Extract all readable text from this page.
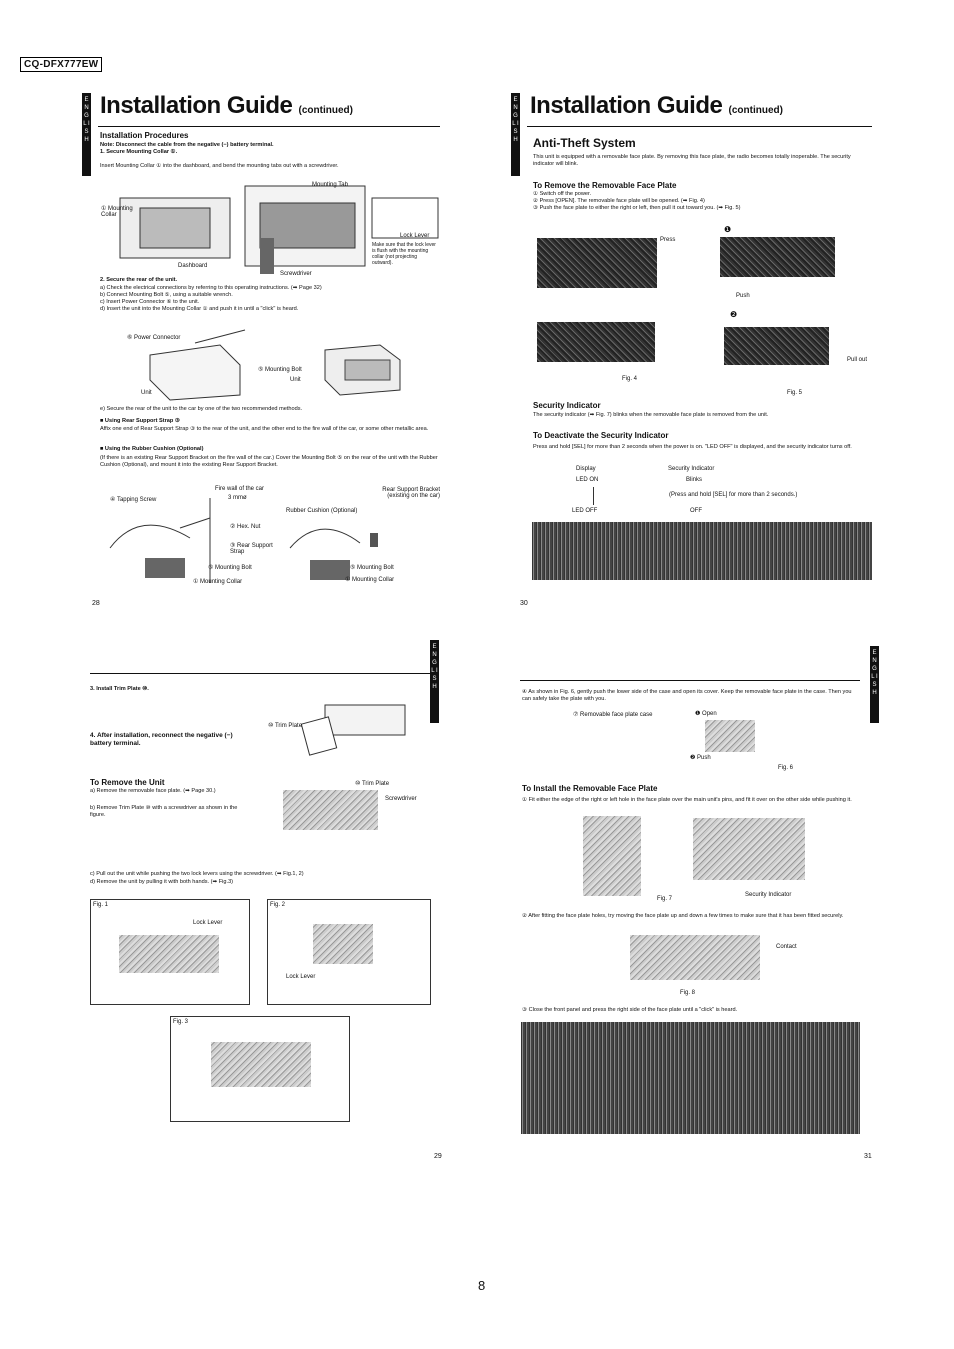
CQ-DFX777EW
E N G L I S H
Installation Guide (continued)
Installation Procedures
Note: Disconnect the cable from the negative (−) battery terminal.
1. Secure Mounting Collar ①.
Insert Mounting Collar ① into the dashboard, and bend the mounting tabs out with a screwdriver.
① Mounting Collar
Mounting Tab
Dashboard
Screwdriver
Lock Lever
Make sure that the lock lever is flush with the mounting collar (not projecting outward).
2. Secure the rear of the unit.
a) Check the electrical connections by referring to this operating instructions. (➡ Page 32)
b) Connect Mounting Bolt ⑤, using a suitable wrench.
c) Insert Power Connector ⑥ to the unit.
d) Insert the unit into the Mounting Collar ① and push it in until a "click" is heard.
⑥ Power Connector
⑤ Mounting Bolt
Unit
Unit
e) Secure the rear of the unit to the car by one of the two recommended methods.
■ Using Rear Support Strap ③
Affix one end of Rear Support Strap ③ to the rear of the unit, and the other end to the fire wall of the car, or some other metallic area.
■ Using the Rubber Cushion (Optional)
(If there is an existing Rear Support Bracket on the fire wall of the car.) Cover the Mounting Bolt ⑤ on the rear of the unit with the Rubber Cushion (Optional), and mount it into the existing Rear Support Bracket.
Fire wall of the car
3 mmø
④ Tapping Screw
② Hex. Nut
③ Rear Support Strap
⑤ Mounting Bolt
① Mounting Collar
Rubber Cushion (Optional)
Rear Support Bracket (existing on the car)
⑤ Mounting Bolt
① Mounting Collar
28
E N G L I S H
Installation Guide (continued)
Anti-Theft System
This unit is equipped with a removable face plate. By removing this face plate, the radio becomes totally inoperable. The security indicator will blink.
To Remove the Removable Face Plate
① Switch off the power.
② Press [OPEN]. The removable face plate will be opened. (➡ Fig. 4)
③ Push the face plate to either the right or left, then pull it out toward you. (➡ Fig. 5)
Press
Push
Pull out
Fig. 4
Fig. 5
❶
❷
Security Indicator
The security indicator (➡ Fig. 7) blinks when the removable face plate is removed from the unit.
To Deactivate the Security Indicator
Press and hold [SEL] for more than 2 seconds when the power is on. "LED OFF" is displayed, and the security indicator turns off.
Display	Security Indicator
LED ON	Blinks
(Press and hold [SEL] for more than 2 seconds.)
LED OFF	OFF
30
E N G L I S H
3. Install Trim Plate ⑩.
4. After installation, reconnect the negative (−) battery terminal.
⑩ Trim Plate
To Remove the Unit
a) Remove the removable face plate. (➡ Page 30.)
b) Remove Trim Plate ⑩ with a screwdriver as shown in the figure.
⑩ Trim Plate
Screwdriver
c) Pull out the unit while pushing the two lock levers using the screwdriver. (➡ Fig.1, 2)
d) Remove the unit by pulling it with both hands. (➡ Fig.3)
Fig. 1
Lock Lever
Fig. 2
Lock Lever
Fig. 3
29
E N G L I S H
④ As shown in Fig. 6, gently push the lower side of the case and open its cover. Keep the removable face plate in the case. Then you can safely take the plate with you.
⑦ Removable face plate case	❶ Open
❷ Push
Fig. 6
To Install the Removable Face Plate
① Fit either the edge of the right or left hole in the face plate over the main unit's pins, and fit it over on the other side while pushing it.
Fig. 7
Security Indicator
② After fitting the face plate holes, try moving the face plate up and down a few times to make sure that it has been fitted securely.
Contact
Fig. 8
③ Close the front panel and press the right side of the face plate until a "click" is heard.
31
8
